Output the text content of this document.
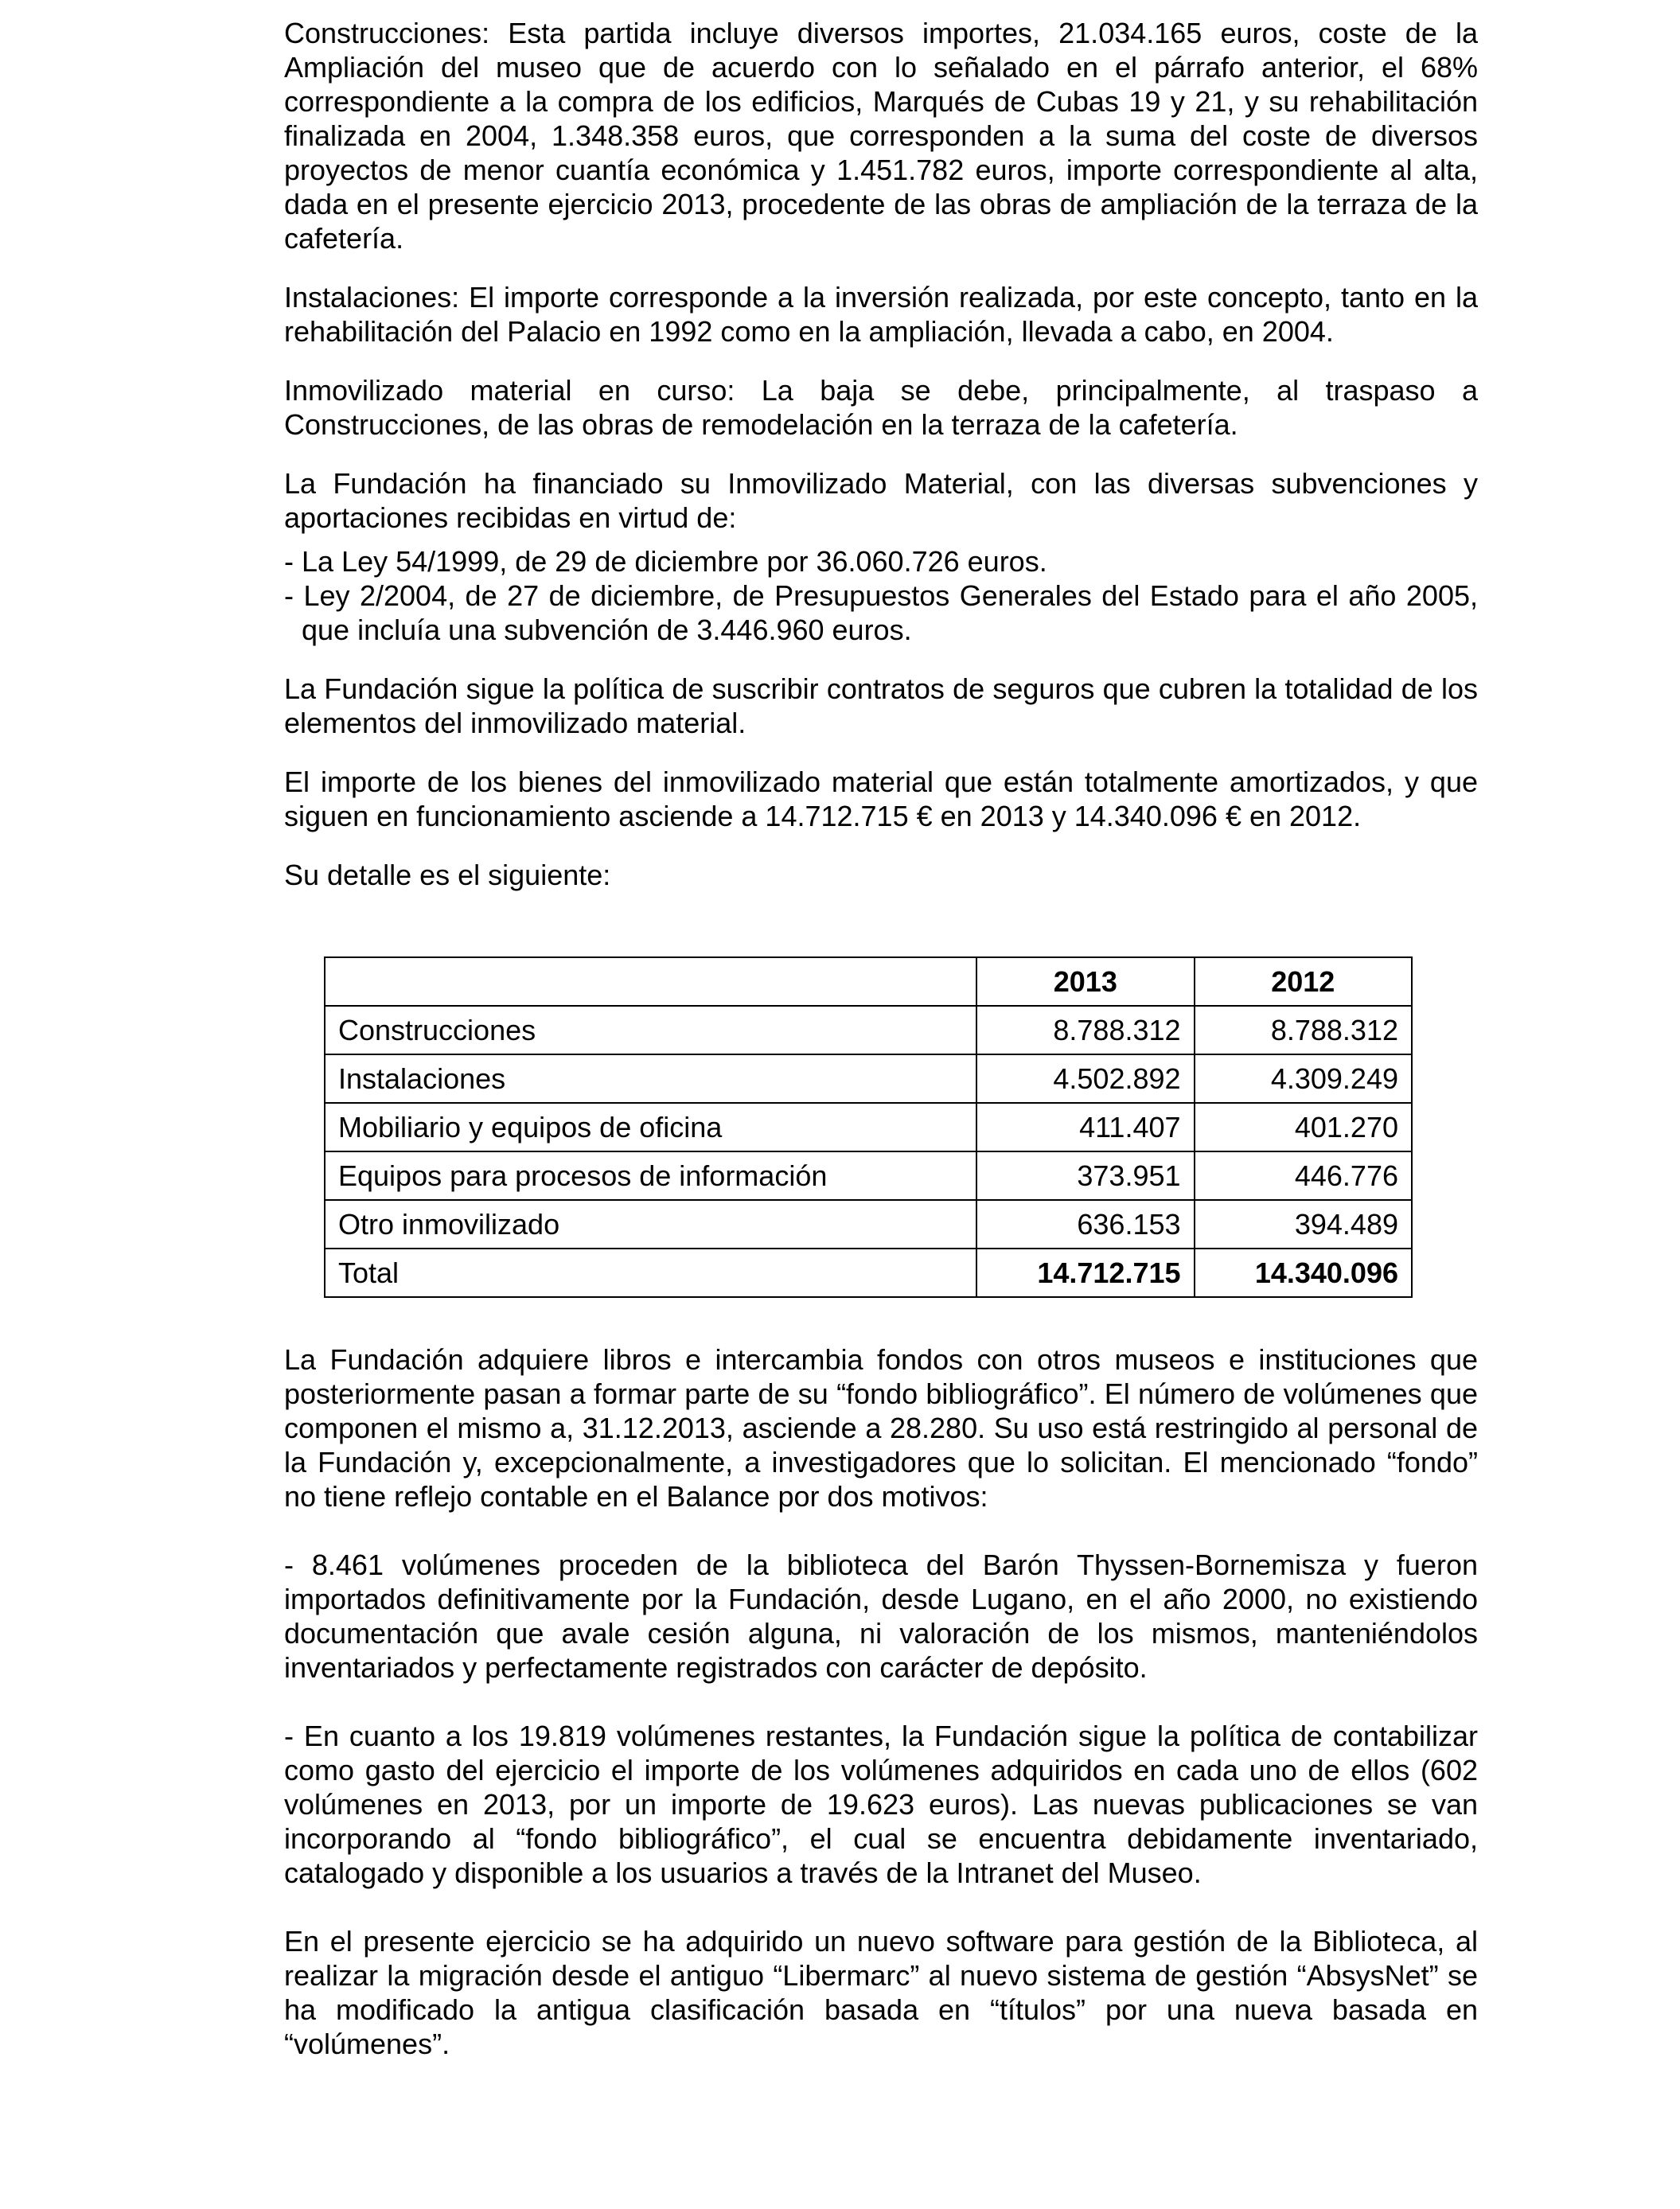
Construcciones: Esta partida incluye diversos importes, 21.034.165 euros, coste de la Ampliación del museo que de acuerdo con lo señalado en el párrafo anterior, el 68% correspondiente a la compra de los edificios, Marqués de Cubas 19 y 21, y su rehabilitación finalizada en 2004, 1.348.358 euros, que corresponden a la suma del coste de diversos proyectos de menor cuantía económica y 1.451.782 euros, importe correspondiente al alta, dada en el presente ejercicio 2013, procedente de las obras de ampliación de la terraza de la cafetería.

Instalaciones: El importe corresponde a la inversión realizada, por este concepto, tanto en la rehabilitación del Palacio en 1992 como en la ampliación, llevada a cabo, en 2004.

Inmovilizado material en curso: La baja se debe, principalmente, al traspaso a Construcciones, de las obras de remodelación en la terraza de la cafetería.

La Fundación ha financiado su Inmovilizado Material, con las diversas subvenciones y aportaciones recibidas en virtud de:

- La Ley 54/1999, de 29 de diciembre por 36.060.726 euros.
- Ley 2/2004, de 27 de diciembre, de Presupuestos Generales del Estado para el año 2005, que incluía una subvención de 3.446.960 euros.

La Fundación sigue la política de suscribir contratos de seguros que cubren la totalidad de los elementos del inmovilizado material.

El importe de los bienes del inmovilizado material que están totalmente amortizados, y que siguen en funcionamiento asciende a 14.712.715 € en 2013 y 14.340.096 € en 2012.

Su detalle es el siguiente:

	2013	2012
Construcciones	8.788.312	8.788.312
Instalaciones	4.502.892	4.309.249
Mobiliario y equipos de oficina	411.407	401.270
Equipos para procesos de información	373.951	446.776
Otro inmovilizado	636.153	394.489
Total	14.712.715	14.340.096

La Fundación adquiere libros e intercambia fondos con otros museos e instituciones que posteriormente pasan a formar parte de su “fondo bibliográfico”. El número de volúmenes que componen el mismo a, 31.12.2013, asciende a 28.280. Su uso está restringido al personal de la Fundación y, excepcionalmente, a investigadores que lo solicitan. El mencionado “fondo” no tiene reflejo contable en el Balance por dos motivos:

- 8.461 volúmenes proceden de la biblioteca del Barón Thyssen-Bornemisza y fueron importados definitivamente por la Fundación, desde Lugano, en el año 2000, no existiendo documentación que avale cesión alguna, ni valoración de los mismos, manteniéndolos inventariados y perfectamente registrados con carácter de depósito.

- En cuanto a los 19.819 volúmenes restantes, la Fundación sigue la política de contabilizar como gasto del ejercicio el importe de los volúmenes adquiridos en cada uno de ellos (602 volúmenes en 2013, por un importe de 19.623 euros). Las nuevas publicaciones se van incorporando al “fondo bibliográfico”, el cual se encuentra debidamente inventariado, catalogado y disponible a los usuarios a través de la Intranet del Museo.

En el presente ejercicio se ha adquirido un nuevo software para gestión de la Biblioteca, al realizar la migración desde el antiguo “Libermarc” al nuevo sistema de gestión “AbsysNet” se ha modificado la antigua clasificación basada en “títulos” por una nueva basada en “volúmenes”.
